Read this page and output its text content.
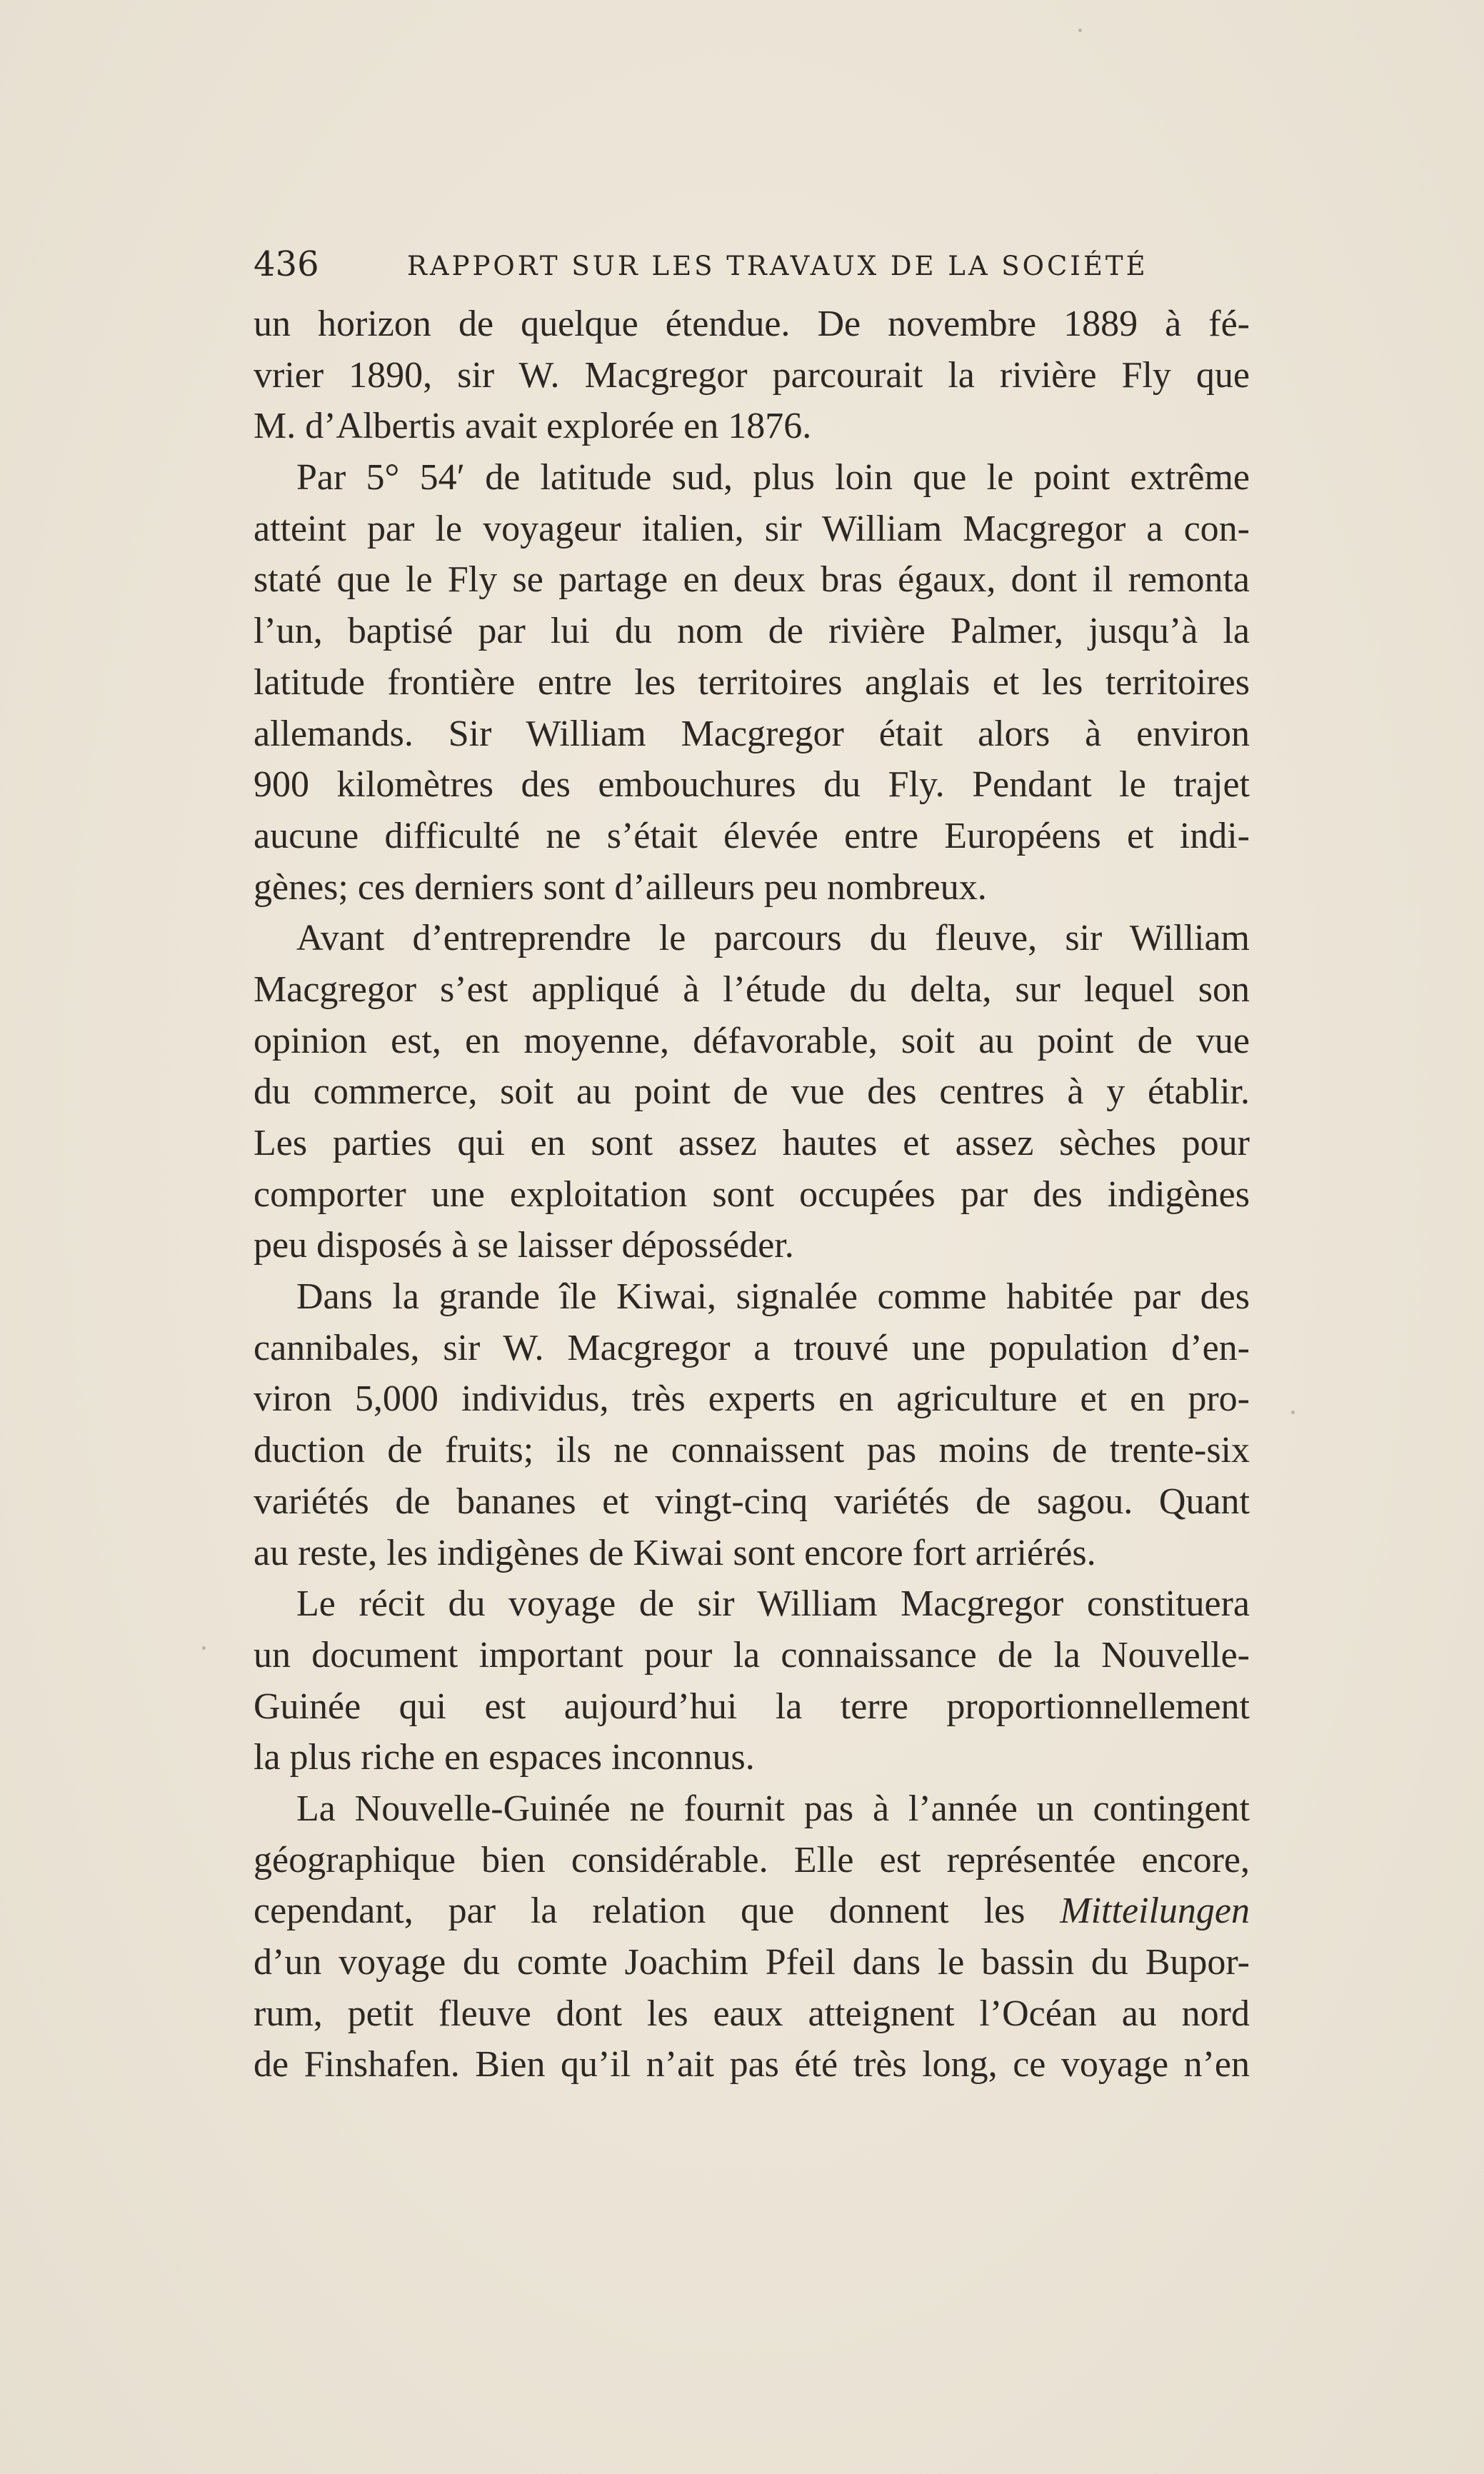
436	RAPPORT SUR LES TRAVAUX DE LA SOCIÉTÉ
un horizon de quelque étendue. De novembre 1889 à fé-
vrier 1890, sir W. Macgregor parcourait la rivière Fly que
M. d’Albertis avait explorée en 1876.
Par 5° 54′ de latitude sud, plus loin que le point extrême
atteint par le voyageur italien, sir William Macgregor a con-
staté que le Fly se partage en deux bras égaux, dont il remonta
l’un, baptisé par lui du nom de rivière Palmer, jusqu’à la
latitude frontière entre les territoires anglais et les territoires
allemands. Sir William Macgregor était alors à environ
900 kilomètres des embouchures du Fly. Pendant le trajet
aucune difficulté ne s’était élevée entre Européens et indi-
gènes; ces derniers sont d’ailleurs peu nombreux.
Avant d’entreprendre le parcours du fleuve, sir William
Macgregor s’est appliqué à l’étude du delta, sur lequel son
opinion est, en moyenne, défavorable, soit au point de vue
du commerce, soit au point de vue des centres à y établir.
Les parties qui en sont assez hautes et assez sèches pour
comporter une exploitation sont occupées par des indigènes
peu disposés à se laisser déposséder.
Dans la grande île Kiwai, signalée comme habitée par des
cannibales, sir W. Macgregor a trouvé une population d’en-
viron 5,000 individus, très experts en agriculture et en pro-
duction de fruits; ils ne connaissent pas moins de trente-six
variétés de bananes et vingt-cinq variétés de sagou. Quant
au reste, les indigènes de Kiwai sont encore fort arriérés.
Le récit du voyage de sir William Macgregor constituera
un document important pour la connaissance de la Nouvelle-
Guinée qui est aujourd’hui la terre proportionnellement
la plus riche en espaces inconnus.
La Nouvelle-Guinée ne fournit pas à l’année un contingent
géographique bien considérable. Elle est représentée encore,
cependant, par la relation que donnent les Mitteilungen
d’un voyage du comte Joachim Pfeil dans le bassin du Bupor-
rum, petit fleuve dont les eaux atteignent l’Océan au nord
de Finshafen. Bien qu’il n’ait pas été très long, ce voyage n’en
